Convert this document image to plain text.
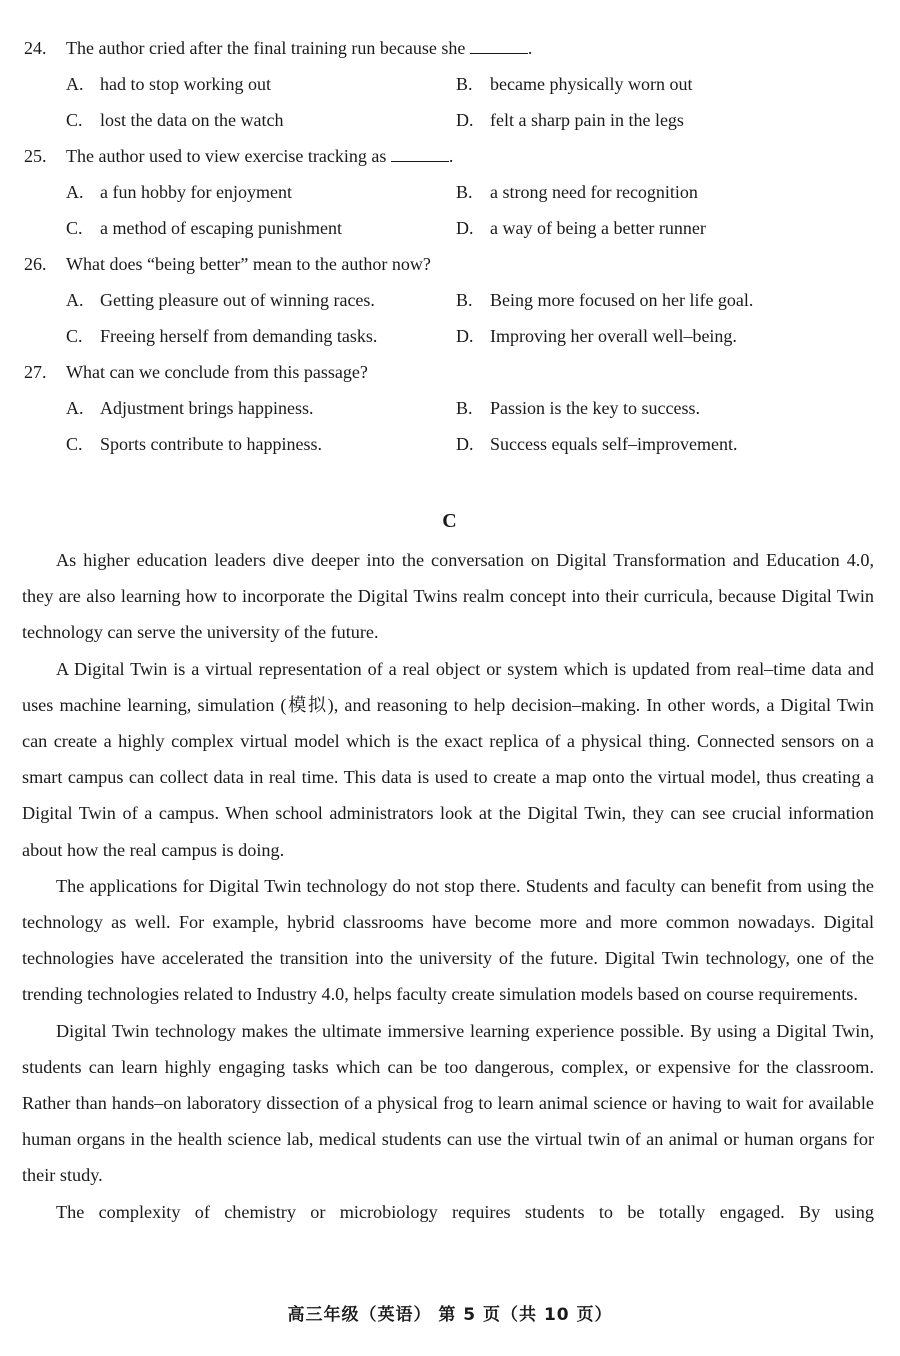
24. The author cried after the final training run because she	.
A. had to stop working out	B. became physically worn out
C. lost the data on the watch	D. felt a sharp pain in the legs
25. The author used to view exercise tracking as	.
A. a fun hobby for enjoyment	B. a strong need for recognition
C. a method of escaping punishment	D. a way of being a better runner
26. What does “being better” mean to the author now?
A. Getting pleasure out of winning races.	B. Being more focused on her life goal.
C. Freeing herself from demanding tasks.	D. Improving her overall well–being.
27. What can we conclude from this passage?
A. Adjustment brings happiness.	B. Passion is the key to success.
C. Sports contribute to happiness.	D. Success equals self–improvement.
C

As higher education leaders dive deeper into the conversation on Digital Transformation and Education 4.0, they are also learning how to incorporate the Digital Twins realm concept into their curricula, because Digital Twin technology can serve the university of the future.

A Digital Twin is a virtual representation of a real object or system which is updated from real–time data and uses machine learning, simulation (模拟), and reasoning to help decision–making. In other words, a Digital Twin can create a highly complex virtual model which is the exact replica of a physical thing. Connected sensors on a smart campus can collect data in real time. This data is used to create a map onto the virtual model, thus creating a Digital Twin of a campus. When school administrators look at the Digital Twin, they can see crucial information about how the real campus is doing.

The applications for Digital Twin technology do not stop there. Students and faculty can benefit from using the technology as well. For example, hybrid classrooms have become more and more common nowadays. Digital technologies have accelerated the transition into the university of the future. Digital Twin technology, one of the trending technologies related to Industry 4.0, helps faculty create simulation models based on course requirements.

Digital Twin technology makes the ultimate immersive learning experience possible. By using a Digital Twin, students can learn highly engaging tasks which can be too dangerous, complex, or expensive for the classroom. Rather than hands–on laboratory dissection of a physical frog to learn animal science or having to wait for available human organs in the health science lab, medical students can use the virtual twin of an animal or human organs for their study.

The complexity of chemistry or microbiology requires students to be totally engaged. By using

高三年级（英语） 第 5 页（共 10 页）
